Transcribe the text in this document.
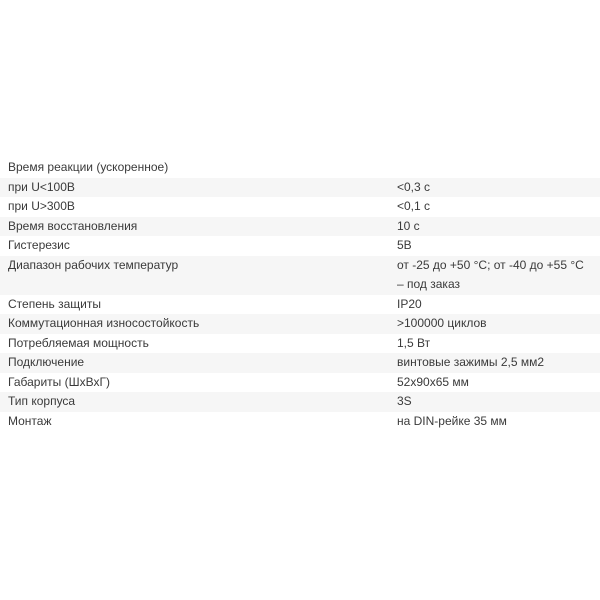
Время реакции (ускоренное)
при U<100В	<0,3 с
при U>300В	<0,1 с
Время восстановления	10 с
Гистерезис	5В
Диапазон рабочих температур	от -25 до +50 °С; от -40 до +55 °С – под заказ
Степень защиты	IP20
Коммутационная износостойкость	>100000 циклов
Потребляемая мощность	1,5 Вт
Подключение	винтовые зажимы 2,5 мм2
Габариты (ШхВхГ)	52x90x65 мм
Тип корпуса	3S
Монтаж	на DIN-рейке 35 мм
